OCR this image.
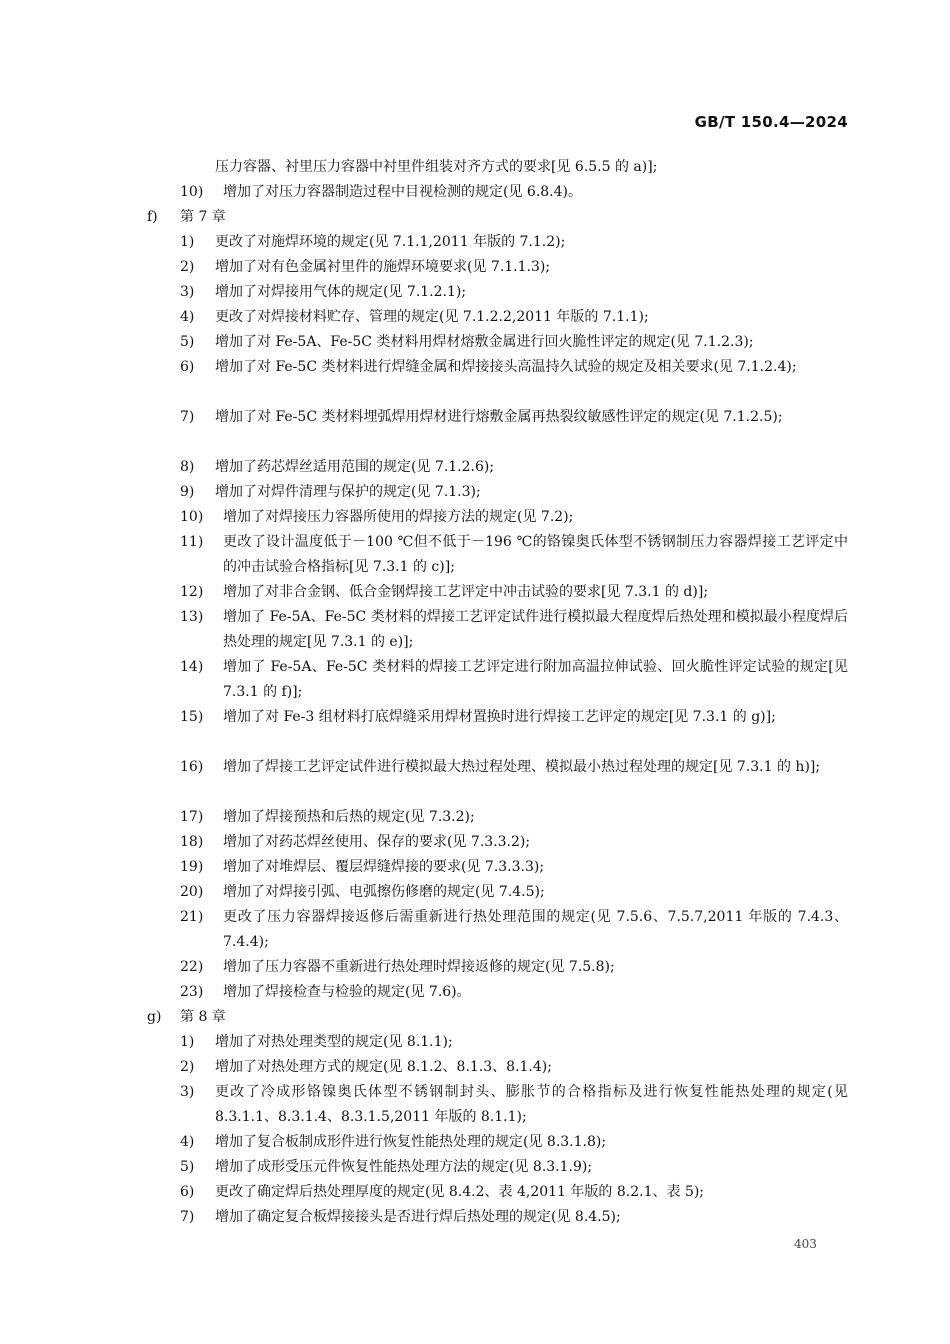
GB/T 150.4—2024
压力容器、衬里压力容器中衬里件组装对齐方式的要求[见 6.5.5 的 a)];
10) 增加了对压力容器制造过程中目视检测的规定(见 6.8.4)。
f) 第 7 章
1) 更改了对施焊环境的规定(见 7.1.1,2011 年版的 7.1.2);
2) 增加了对有色金属衬里件的施焊环境要求(见 7.1.1.3);
3) 增加了对焊接用气体的规定(见 7.1.2.1);
4) 更改了对焊接材料贮存、管理的规定(见 7.1.2.2,2011 年版的 7.1.1);
5) 增加了对 Fe-5A、Fe-5C 类材料用焊材熔敷金属进行回火脆性评定的规定(见 7.1.2.3);
6) 增加了对 Fe-5C 类材料进行焊缝金属和焊接接头高温持久试验的规定及相关要求(见 7.1.2.4);
7) 增加了对 Fe-5C 类材料埋弧焊用焊材进行熔敷金属再热裂纹敏感性评定的规定(见 7.1.2.5);
8) 增加了药芯焊丝适用范围的规定(见 7.1.2.6);
9) 增加了对焊件清理与保护的规定(见 7.1.3);
10) 增加了对焊接压力容器所使用的焊接方法的规定(见 7.2);
11) 更改了设计温度低于－100 ℃但不低于－196 ℃的铬镍奥氏体型不锈钢制压力容器焊接工艺评定中的冲击试验合格指标[见 7.3.1 的 c)];
12) 增加了对非合金钢、低合金钢焊接工艺评定中冲击试验的要求[见 7.3.1 的 d)];
13) 增加了 Fe-5A、Fe-5C 类材料的焊接工艺评定试件进行模拟最大程度焊后热处理和模拟最小程度焊后热处理的规定[见 7.3.1 的 e)];
14) 增加了 Fe-5A、Fe-5C 类材料的焊接工艺评定进行附加高温拉伸试验、回火脆性评定试验的规定[见 7.3.1 的 f)];
15) 增加了对 Fe-3 组材料打底焊缝采用焊材置换时进行焊接工艺评定的规定[见 7.3.1 的 g)];
16) 增加了焊接工艺评定试件进行模拟最大热过程处理、模拟最小热过程处理的规定[见 7.3.1 的 h)];
17) 增加了焊接预热和后热的规定(见 7.3.2);
18) 增加了对药芯焊丝使用、保存的要求(见 7.3.3.2);
19) 增加了对堆焊层、覆层焊缝焊接的要求(见 7.3.3.3);
20) 增加了对焊接引弧、电弧擦伤修磨的规定(见 7.4.5);
21) 更改了压力容器焊接返修后需重新进行热处理范围的规定(见 7.5.6、7.5.7,2011 年版的 7.4.3、7.4.4);
22) 增加了压力容器不重新进行热处理时焊接返修的规定(见 7.5.8);
23) 增加了焊接检查与检验的规定(见 7.6)。
g) 第 8 章
1) 增加了对热处理类型的规定(见 8.1.1);
2) 增加了对热处理方式的规定(见 8.1.2、8.1.3、8.1.4);
3) 更改了冷成形铬镍奥氏体型不锈钢制封头、膨胀节的合格指标及进行恢复性能热处理的规定(见 8.3.1.1、8.3.1.4、8.3.1.5,2011 年版的 8.1.1);
4) 增加了复合板制成形件进行恢复性能热处理的规定(见 8.3.1.8);
5) 增加了成形受压元件恢复性能热处理方法的规定(见 8.3.1.9);
6) 更改了确定焊后热处理厚度的规定(见 8.4.2、表 4,2011 年版的 8.2.1、表 5);
7) 增加了确定复合板焊接接头是否进行焊后热处理的规定(见 8.4.5);
403
